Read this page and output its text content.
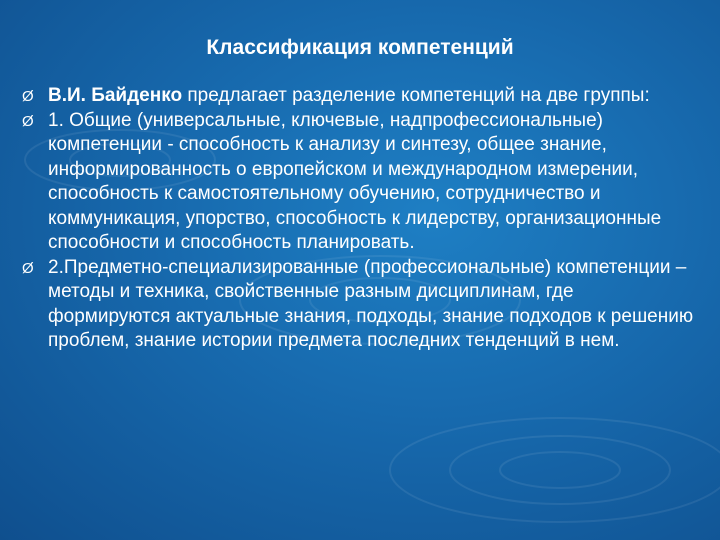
Классификация компетенций
Ø В.И. Байденко предлагает разделение компетенций на две группы:
Ø 1. Общие (универсальные, ключевые, надпрофессиональные) компетенции - способность к анализу и синтезу, общее знание, информированность о европейском и международном измерении, способность к самостоятельному обучению, сотрудничество и коммуникация, упорство, способность к лидерству, организационные способности и способность планировать.
Ø 2.Предметно-специализированные (профессиональные) компетенции – методы и техника, свойственные разным дисциплинам, где формируются актуальные знания, подходы, знание подходов к решению проблем, знание истории предмета последних тенденций в нем.
